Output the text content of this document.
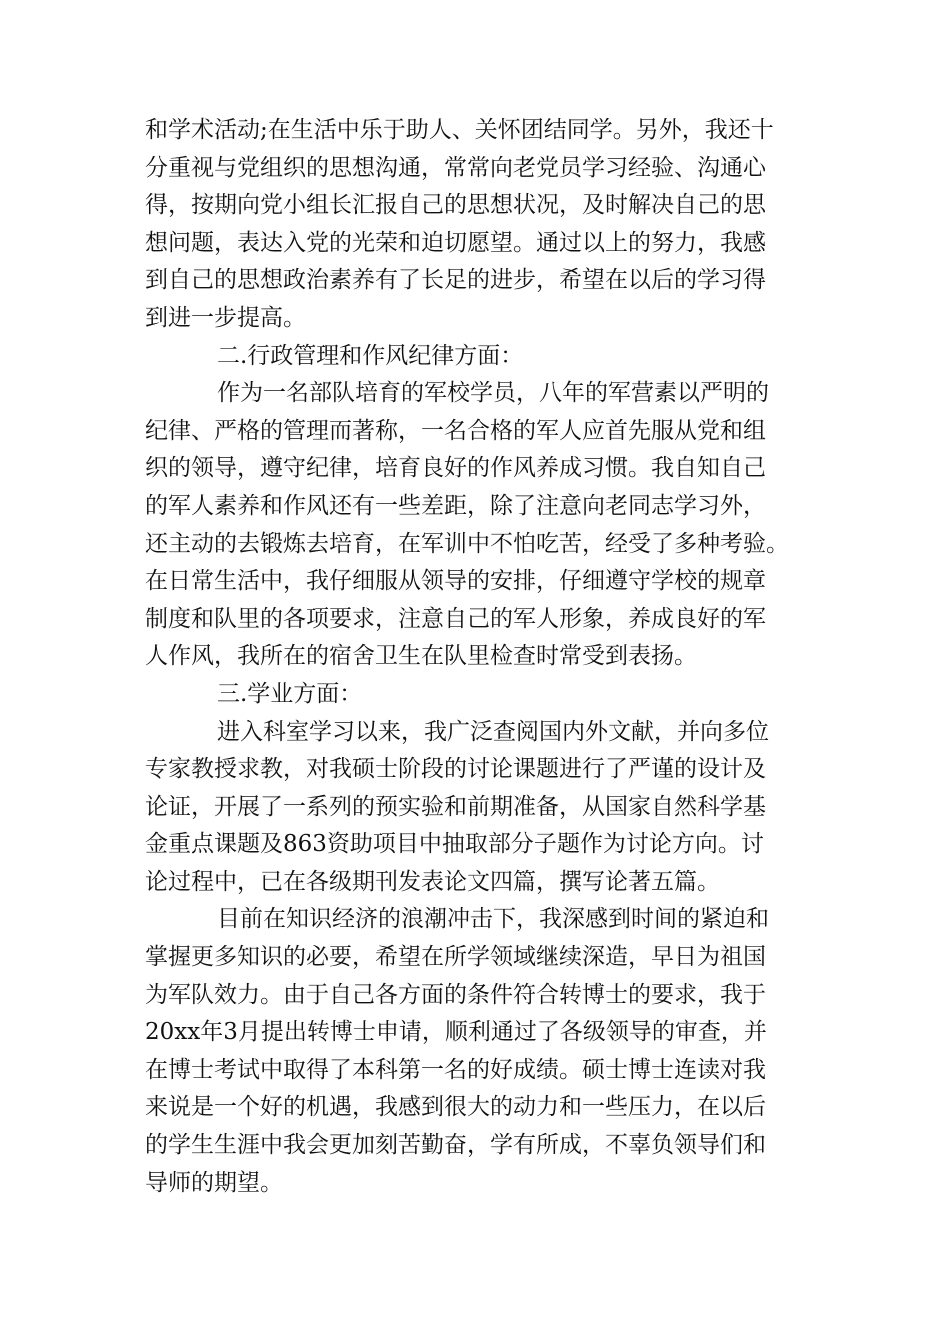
和学术活动;在生活中乐于助人、关怀团结同学。另外，我还十
分重视与党组织的思想沟通，常常向老党员学习经验、沟通心
得，按期向党小组长汇报自己的思想状况，及时解决自己的思
想问题，表达入党的光荣和迫切愿望。通过以上的努力，我感
到自己的思想政治素养有了长足的进步，希望在以后的学习得
到进一步提高。
二.行政管理和作风纪律方面：
作为一名部队培育的军校学员，八年的军营素以严明的
纪律、严格的管理而著称，一名合格的军人应首先服从党和组
织的领导，遵守纪律，培育良好的作风养成习惯。我自知自己
的军人素养和作风还有一些差距，除了注意向老同志学习外，
还主动的去锻炼去培育，在军训中不怕吃苦，经受了多种考验。
在日常生活中，我仔细服从领导的安排，仔细遵守学校的规章
制度和队里的各项要求，注意自己的军人形象，养成良好的军
人作风，我所在的宿舍卫生在队里检查时常受到表扬。
三.学业方面：
进入科室学习以来，我广泛查阅国内外文献，并向多位
专家教授求教，对我硕士阶段的讨论课题进行了严谨的设计及
论证，开展了一系列的预实验和前期准备，从国家自然科学基
金重点课题及863资助项目中抽取部分子题作为讨论方向。讨
论过程中，已在各级期刊发表论文四篇，撰写论著五篇。
目前在知识经济的浪潮冲击下，我深感到时间的紧迫和
掌握更多知识的必要，希望在所学领域继续深造，早日为祖国
为军队效力。由于自己各方面的条件符合转博士的要求，我于
20xx年3月提出转博士申请，顺利通过了各级领导的审查，并
在博士考试中取得了本科第一名的好成绩。硕士博士连读对我
来说是一个好的机遇，我感到很大的动力和一些压力，在以后
的学生生涯中我会更加刻苦勤奋，学有所成，不辜负领导们和
导师的期望。
